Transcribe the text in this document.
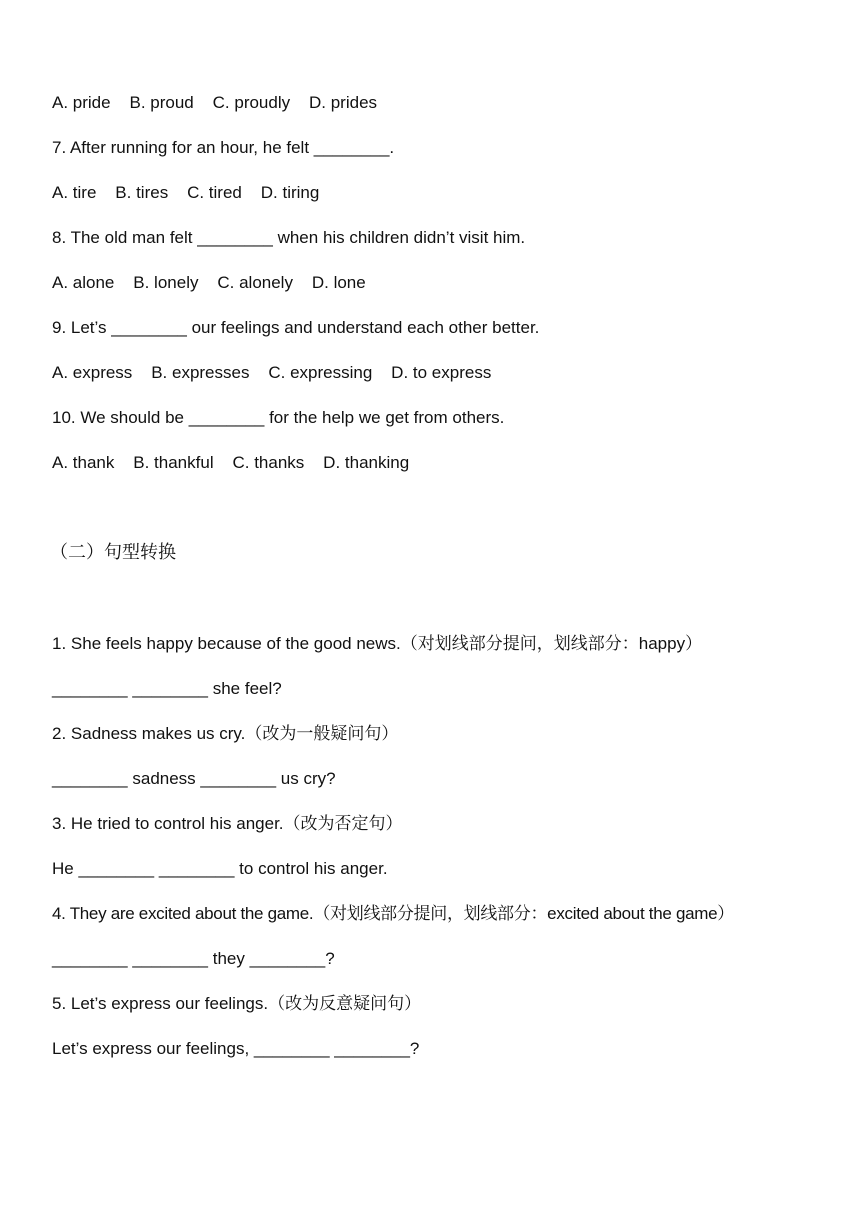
A. pride    B. proud    C. proudly    D. prides
7. After running for an hour, he felt ________.
A. tire    B. tires    C. tired    D. tiring
8. The old man felt ________ when his children didn’t visit him.
A. alone    B. lonely    C. alonely    D. lone
9. Let’s ________ our feelings and understand each other better.
A. express    B. expresses    C. expressing    D. to express
10. We should be ________ for the help we get from others.
A. thank    B. thankful    C. thanks    D. thanking
（二）句型转换
1. She feels happy because of the good news.（对划线部分提问，划线部分：happy）
________ ________ she feel?
2. Sadness makes us cry.（改为一般疑问句）
________ sadness ________ us cry?
3. He tried to control his anger.（改为否定句）
He ________ ________ to control his anger.
4. They are excited about the game.（对划线部分提问，划线部分：excited about the game）
________ ________ they ________?
5. Let’s express our feelings.（改为反意疑问句）
Let’s express our feelings, ________ ________?
